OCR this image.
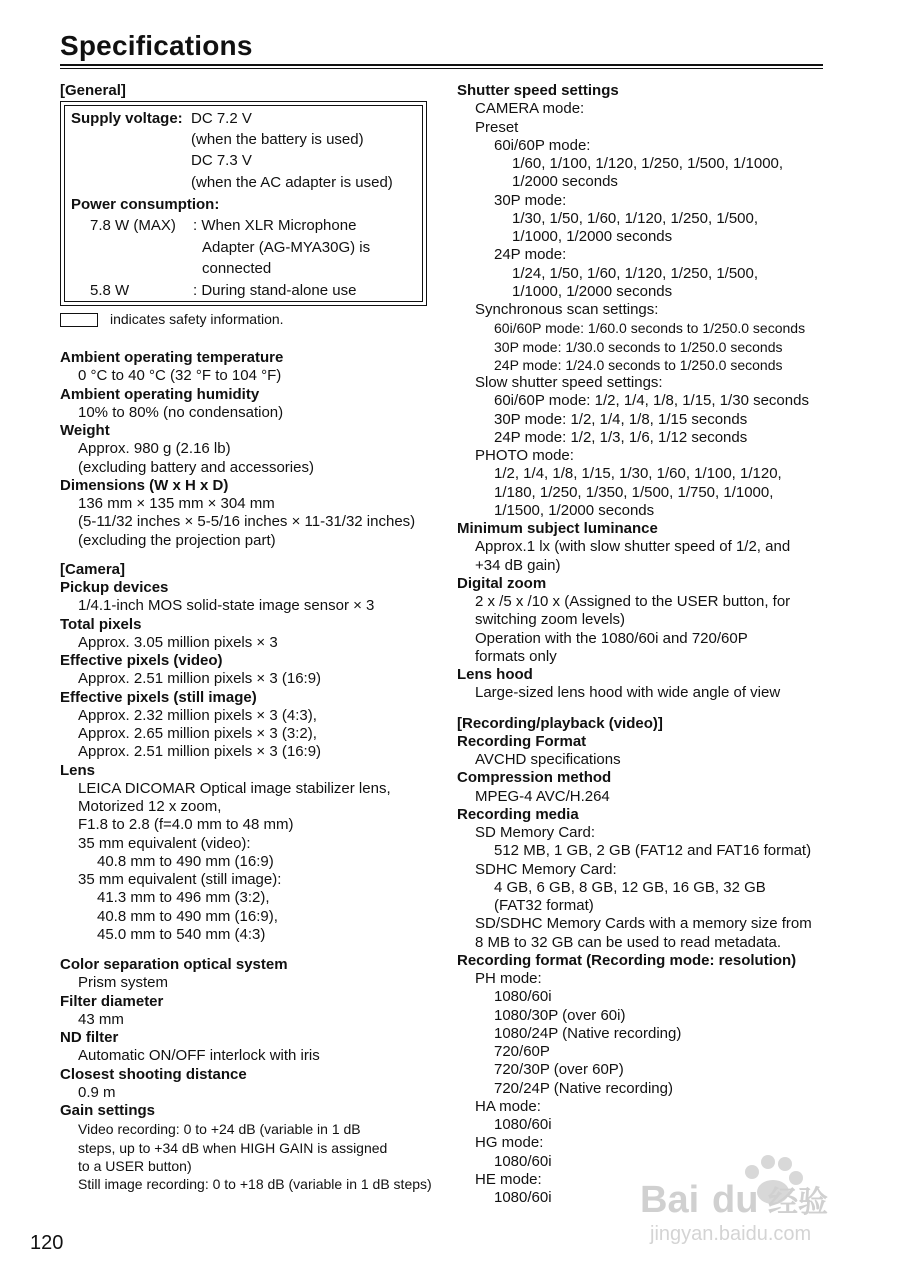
Specifications
[General]
Supply voltage: DC 7.2 V
(when the battery is used)
DC 7.3 V
(when the AC adapter is used)
Power consumption:
7.8 W (MAX) : When XLR Microphone
Adapter (AG-MYA30G) is
connected
5.8 W	: During stand-alone use
indicates safety information.
Ambient operating temperature
0 °C to 40 °C (32 °F to 104 °F)
Ambient operating humidity
10% to 80% (no condensation)
Weight
Approx. 980 g (2.16 lb)
(excluding battery and accessories)
Dimensions (W x H x D)
136 mm × 135 mm × 304 mm
(5-11/32 inches × 5-5/16 inches × 11-31/32 inches)
(excluding the projection part)
[Camera]
Pickup devices
1/4.1-inch MOS solid-state image sensor × 3
Total pixels
Approx. 3.05 million pixels × 3
Effective pixels (video)
Approx. 2.51 million pixels × 3 (16:9)
Effective pixels (still image)
Approx. 2.32 million pixels × 3 (4:3),
Approx. 2.65 million pixels × 3 (3:2),
Approx. 2.51 million pixels × 3 (16:9)
Lens
LEICA DICOMAR Optical image stabilizer lens,
Motorized 12 x zoom,
F1.8 to 2.8 (f=4.0 mm to 48 mm)
35 mm equivalent (video):
40.8 mm to 490 mm (16:9)
35 mm equivalent (still image):
41.3 mm to 496 mm (3:2),
40.8 mm to 490 mm (16:9),
45.0 mm to 540 mm (4:3)
Color separation optical system
Prism system
Filter diameter
43 mm
ND filter
Automatic ON/OFF interlock with iris
Closest shooting distance
0.9 m
Gain settings
Video recording: 0 to +24 dB (variable in 1 dB
steps, up to +34 dB when HIGH GAIN is assigned
to a USER button)
Still image recording: 0 to +18 dB (variable in 1 dB steps)
Shutter speed settings
CAMERA mode:
Preset
60i/60P mode:
1/60, 1/100, 1/120, 1/250, 1/500, 1/1000,
1/2000 seconds
30P mode:
1/30, 1/50, 1/60, 1/120, 1/250, 1/500,
1/1000, 1/2000 seconds
24P mode:
1/24, 1/50, 1/60, 1/120, 1/250, 1/500,
1/1000, 1/2000 seconds
Synchronous scan settings:
60i/60P mode: 1/60.0 seconds to 1/250.0 seconds
30P mode: 1/30.0 seconds to 1/250.0 seconds
24P mode: 1/24.0 seconds to 1/250.0 seconds
Slow shutter speed settings:
60i/60P mode: 1/2, 1/4, 1/8, 1/15, 1/30 seconds
30P mode: 1/2, 1/4, 1/8, 1/15 seconds
24P mode: 1/2, 1/3, 1/6, 1/12 seconds
PHOTO mode:
1/2, 1/4, 1/8, 1/15, 1/30, 1/60, 1/100, 1/120,
1/180, 1/250, 1/350, 1/500, 1/750, 1/1000,
1/1500, 1/2000 seconds
Minimum subject luminance
Approx.1 lx (with slow shutter speed of 1/2, and
+34 dB gain)
Digital zoom
2 x /5 x /10 x (Assigned to the USER button, for
switching zoom levels)
Operation with the 1080/60i and 720/60P
formats only
Lens hood
Large-sized lens hood with wide angle of view
[Recording/playback (video)]
Recording Format
AVCHD specifications
Compression method
MPEG-4 AVC/H.264
Recording media
SD Memory Card:
512 MB, 1 GB, 2 GB (FAT12 and FAT16 format)
SDHC Memory Card:
4 GB, 6 GB, 8 GB, 12 GB, 16 GB, 32 GB
(FAT32 format)
SD/SDHC Memory Cards with a memory size from
8 MB to 32 GB can be used to read metadata.
Recording format (Recording mode: resolution)
PH mode:
1080/60i
1080/30P (over 60i)
1080/24P (Native recording)
720/60P
720/30P (over 60P)
720/24P (Native recording)
HA mode:
1080/60i
HG mode:
1080/60i
HE mode:
1080/60i
120
Bai du 经验
jingyan.baidu.com
